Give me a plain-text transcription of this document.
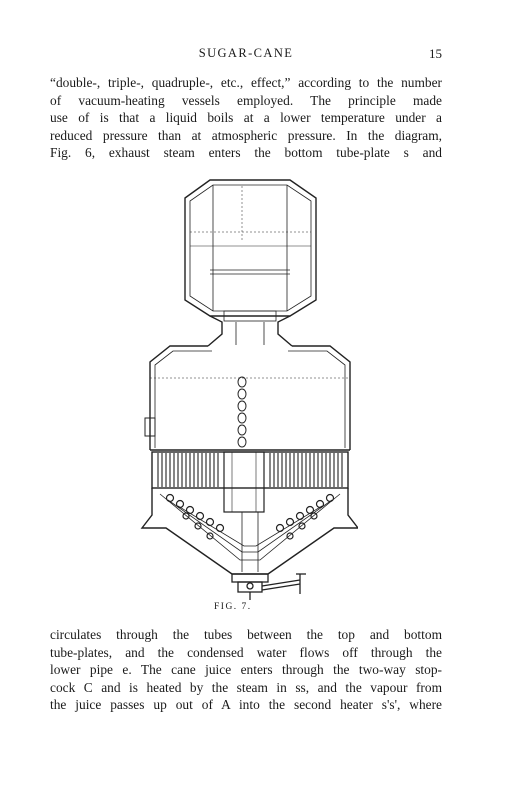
SUGAR-CANE	15
“double-, triple-, quadruple-, etc., effect,” according to the number
of vacuum-heating vessels employed. The principle made
use of is that a liquid boils at a lower temperature under a
reduced pressure than at atmospheric pressure. In the diagram,
Fig. 6, exhaust steam enters the bottom tube-plate s and
FIG. 7.
circulates through the tubes between the top and bottom
tube-plates, and the condensed water flows off through the
lower pipe e. The cane juice enters through the two-way stop-
cock C and is heated by the steam in ss, and the vapour from
the juice passes up out of A into the second heater s's', where
